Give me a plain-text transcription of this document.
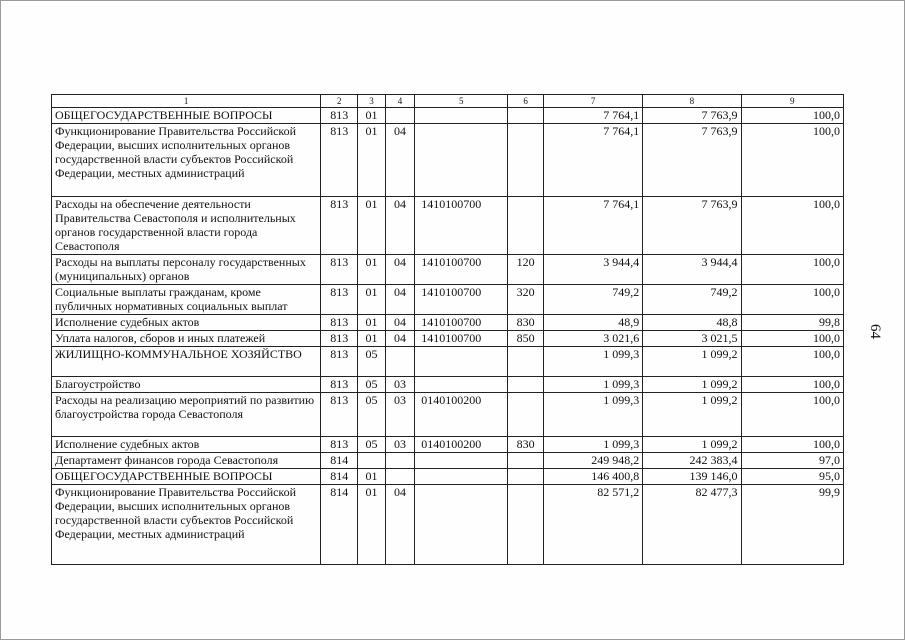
64
1	2	3	4	5	6	7	8	9
ОБЩЕГОСУДАРСТВЕННЫЕ ВОПРОСЫ	813	01				7 764,1	7 763,9	100,0
Функционирование Правительства Российской Федерации, высших исполнительных органов государственной власти субъектов Российской Федерации, местных администраций	813	01	04			7 764,1	7 763,9	100,0
Расходы на обеспечение деятельности Правительства Севастополя и исполнительных органов государственной власти города Севастополя	813	01	04	1410100700		7 764,1	7 763,9	100,0
Расходы на выплаты персоналу государственных (муниципальных) органов	813	01	04	1410100700	120	3 944,4	3 944,4	100,0
Социальные выплаты гражданам, кроме публичных нормативных социальных выплат	813	01	04	1410100700	320	749,2	749,2	100,0
Исполнение судебных актов	813	01	04	1410100700	830	48,9	48,8	99,8
Уплата налогов, сборов и иных платежей	813	01	04	1410100700	850	3 021,6	3 021,5	100,0
ЖИЛИЩНО-КОММУНАЛЬНОЕ ХОЗЯЙСТВО	813	05				1 099,3	1 099,2	100,0
Благоустройство	813	05	03			1 099,3	1 099,2	100,0
Расходы на реализацию мероприятий по развитию благоустройства города Севастополя	813	05	03	0140100200		1 099,3	1 099,2	100,0
Исполнение судебных актов	813	05	03	0140100200	830	1 099,3	1 099,2	100,0
Департамент финансов города Севастополя	814					249 948,2	242 383,4	97,0
ОБЩЕГОСУДАРСТВЕННЫЕ ВОПРОСЫ	814	01				146 400,8	139 146,0	95,0
Функционирование Правительства Российской Федерации, высших исполнительных органов государственной власти субъектов Российской Федерации, местных администраций	814	01	04			82 571,2	82 477,3	99,9
